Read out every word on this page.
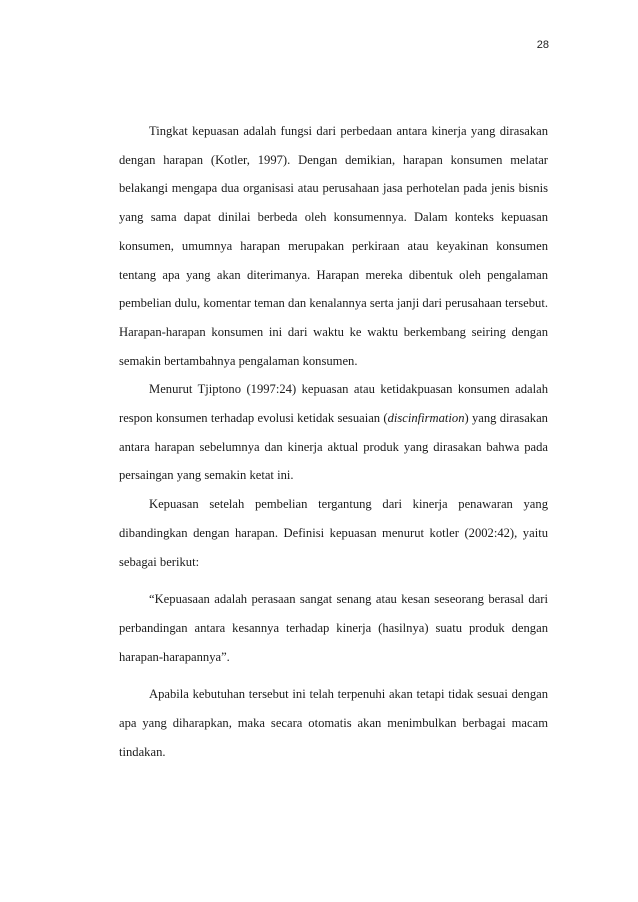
28

Tingkat kepuasan adalah fungsi dari perbedaan antara kinerja yang dirasakan dengan harapan (Kotler, 1997). Dengan demikian, harapan konsumen melatar belakangi mengapa dua organisasi atau perusahaan jasa perhotelan pada jenis bisnis yang sama dapat dinilai berbeda oleh konsumennya. Dalam konteks kepuasan konsumen, umumnya harapan merupakan perkiraan atau keyakinan konsumen tentang apa yang akan diterimanya. Harapan mereka dibentuk oleh pengalaman pembelian dulu, komentar teman dan kenalannya serta janji dari perusahaan tersebut. Harapan-harapan konsumen ini dari waktu ke waktu berkembang seiring dengan semakin bertambahnya pengalaman konsumen.

Menurut Tjiptono (1997:24) kepuasan atau ketidakpuasan konsumen adalah respon konsumen terhadap evolusi ketidak sesuaian (discinfirmation) yang dirasakan antara harapan sebelumnya dan kinerja aktual produk yang dirasakan bahwa pada persaingan yang semakin ketat ini.

Kepuasan setelah pembelian tergantung dari kinerja penawaran yang dibandingkan dengan harapan. Definisi kepuasan menurut kotler (2002:42), yaitu sebagai berikut:

“Kepuasaan adalah perasaan sangat senang atau kesan seseorang berasal dari perbandingan antara kesannya terhadap kinerja (hasilnya) suatu produk dengan harapan-harapannya”.

Apabila kebutuhan tersebut ini telah terpenuhi akan tetapi tidak sesuai dengan apa yang diharapkan, maka secara otomatis akan menimbulkan berbagai macam tindakan.
